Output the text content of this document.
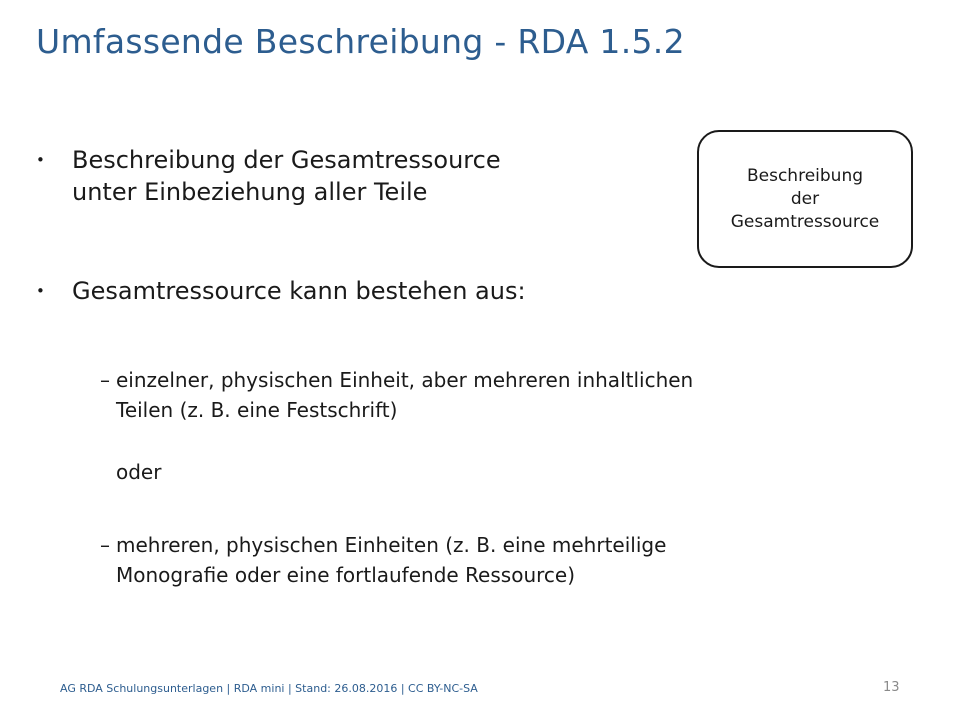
Umfassende Beschreibung - RDA 1.5.2
•	Beschreibung der Gesamtressource
unter Einbeziehung aller Teile
•	Gesamtressource kann bestehen aus:
– einzelner, physischen Einheit, aber mehreren inhaltlichen
Teilen (z. B. eine Festschrift)
oder
– mehreren, physischen Einheiten (z. B. eine mehrteilige
Monografie oder eine fortlaufende Ressource)
Beschreibung
der
Gesamtressource
AG RDA Schulungsunterlagen | RDA mini | Stand: 26.08.2016 | CC BY-NC-SA	13
